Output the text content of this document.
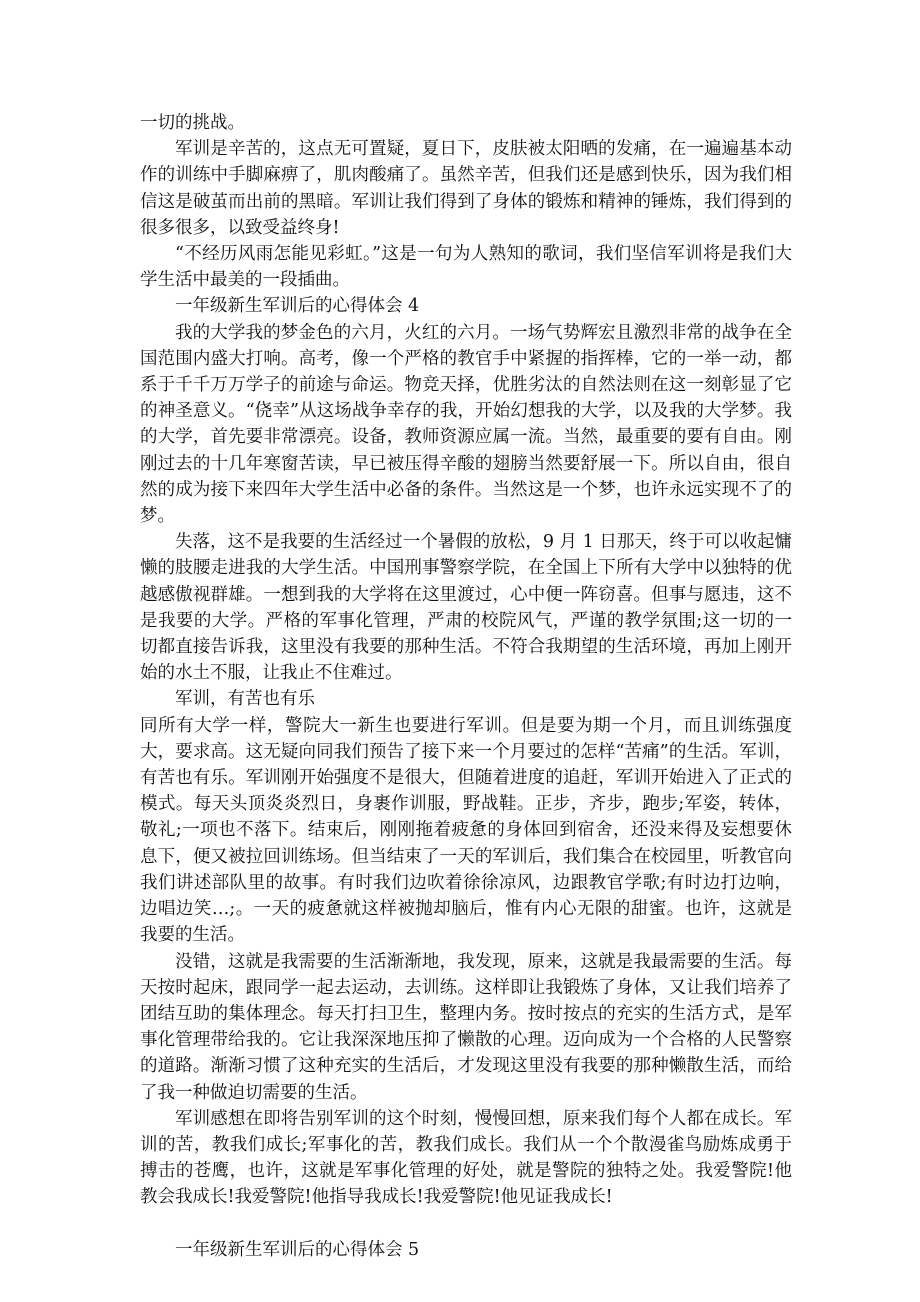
一切的挑战。

军训是辛苦的，这点无可置疑，夏日下，皮肤被太阳晒的发痛，在一遍遍基本动作的训练中手脚麻痹了，肌肉酸痛了。虽然辛苦，但我们还是感到快乐，因为我们相信这是破茧而出前的黑暗。军训让我们得到了身体的锻炼和精神的锤炼，我们得到的很多很多，以致受益终身!

“不经历风雨怎能见彩虹。”这是一句为人熟知的歌词，我们坚信军训将是我们大学生活中最美的一段插曲。

一年级新生军训后的心得体会 4

我的大学我的梦金色的六月，火红的六月。一场气势辉宏且激烈非常的战争在全国范围内盛大打响。高考，像一个严格的教官手中紧握的指挥棒，它的一举一动，都系于千千万万学子的前途与命运。物竞天择，优胜劣汰的自然法则在这一刻彰显了它的神圣意义。“侥幸”从这场战争幸存的我，开始幻想我的大学，以及我的大学梦。我的大学，首先要非常漂亮。设备，教师资源应属一流。当然，最重要的要有自由。刚刚过去的十几年寒窗苦读，早已被压得辛酸的翅膀当然要舒展一下。所以自由，很自然的成为接下来四年大学生活中必备的条件。当然这是一个梦，也许永远实现不了的梦。

失落，这不是我要的生活经过一个暑假的放松，9 月 1 日那天，终于可以收起慵懒的肢腰走进我的大学生活。中国刑事警察学院，在全国上下所有大学中以独特的优越感傲视群雄。一想到我的大学将在这里渡过，心中便一阵窃喜。但事与愿违，这不是我要的大学。严格的军事化管理，严肃的校院风气，严谨的教学氛围;这一切的一切都直接告诉我，这里没有我要的那种生活。不符合我期望的生活环境，再加上刚开始的水土不服，让我止不住难过。

军训，有苦也有乐

同所有大学一样，警院大一新生也要进行军训。但是要为期一个月，而且训练强度大，要求高。这无疑向同我们预告了接下来一个月要过的怎样“苦痛”的生活。军训，有苦也有乐。军训刚开始强度不是很大，但随着进度的追赶，军训开始进入了正式的模式。每天头顶炎炎烈日，身裹作训服，野战鞋。正步，齐步，跑步;军姿，转体，敬礼;一项也不落下。结束后，刚刚拖着疲惫的身体回到宿舍，还没来得及妄想要休息下，便又被拉回训练场。但当结束了一天的军训后，我们集合在校园里，听教官向我们讲述部队里的故事。有时我们边吹着徐徐凉风，边跟教官学歌;有时边打边响，边唱边笑…;。一天的疲惫就这样被抛却脑后，惟有内心无限的甜蜜。也许，这就是我要的生活。

没错，这就是我需要的生活渐渐地，我发现，原来，这就是我最需要的生活。每天按时起床，跟同学一起去运动，去训练。这样即让我锻炼了身体，又让我们培养了团结互助的集体理念。每天打扫卫生，整理内务。按时按点的充实的生活方式，是军事化管理带给我的。它让我深深地压抑了懒散的心理。迈向成为一个合格的人民警察的道路。渐渐习惯了这种充实的生活后，才发现这里没有我要的那种懒散生活，而给了我一种做迫切需要的生活。

军训感想在即将告别军训的这个时刻，慢慢回想，原来我们每个人都在成长。军训的苦，教我们成长;军事化的苦，教我们成长。我们从一个个散漫雀鸟励炼成勇于搏击的苍鹰，也许，这就是军事化管理的好处，就是警院的独特之处。我爱警院!他教会我成长!我爱警院!他指导我成长!我爱警院!他见证我成长!

一年级新生军训后的心得体会 5
